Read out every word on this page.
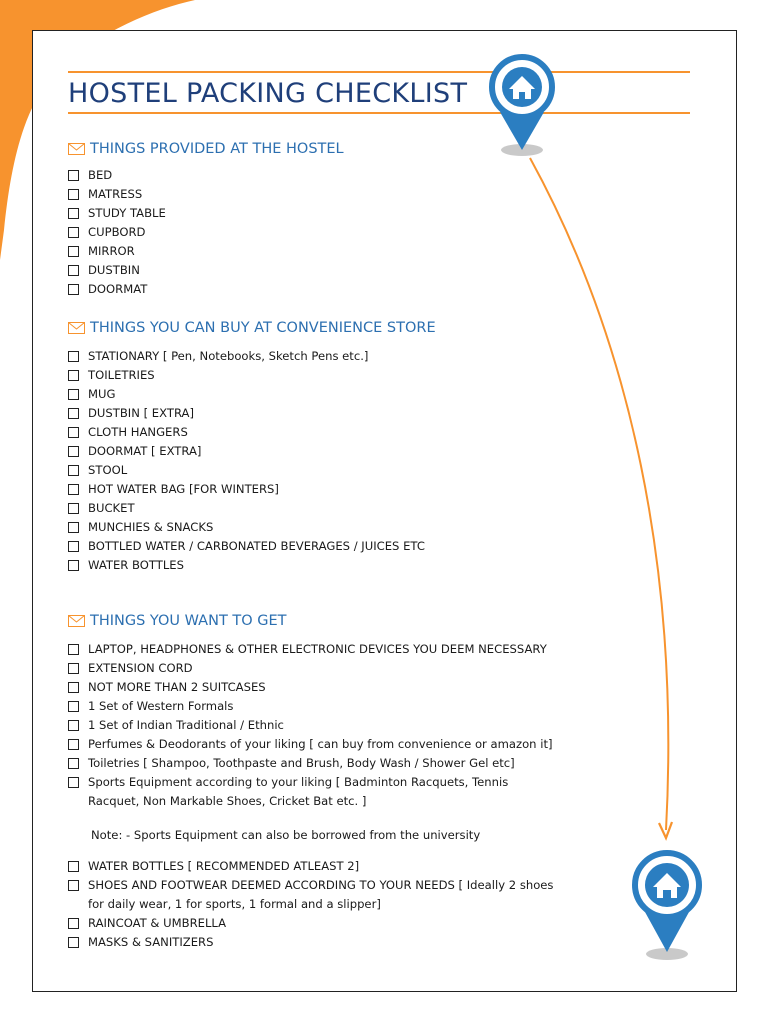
HOSTEL PACKING CHECKLIST
THINGS PROVIDED AT THE HOSTEL
BED
MATRESS
STUDY TABLE
CUPBORD
MIRROR
DUSTBIN
DOORMAT
THINGS YOU CAN BUY AT CONVENIENCE STORE
STATIONARY [ Pen, Notebooks, Sketch Pens etc.]
TOILETRIES
MUG
DUSTBIN [ EXTRA]
CLOTH HANGERS
DOORMAT [ EXTRA]
STOOL
HOT WATER BAG [FOR WINTERS]
BUCKET
MUNCHIES & SNACKS
BOTTLED WATER / CARBONATED BEVERAGES / JUICES ETC
WATER BOTTLES
THINGS YOU WANT TO GET
LAPTOP, HEADPHONES & OTHER ELECTRONIC DEVICES YOU DEEM NECESSARY
EXTENSION CORD
NOT MORE THAN 2 SUITCASES
1 Set of Western Formals
1 Set of Indian Traditional / Ethnic
Perfumes & Deodorants of your liking [ can buy from convenience or amazon it]
Toiletries [ Shampoo, Toothpaste and Brush, Body Wash / Shower Gel etc]
Sports Equipment according to your liking [ Badminton Racquets, Tennis
Racquet, Non Markable Shoes, Cricket Bat etc. ]
Note: - Sports Equipment can also be borrowed from the university
WATER BOTTLES [ RECOMMENDED ATLEAST 2]
SHOES AND FOOTWEAR DEEMED ACCORDING TO YOUR NEEDS [ Ideally 2 shoes
for daily wear, 1 for sports, 1 formal and a slipper]
RAINCOAT & UMBRELLA
MASKS & SANITIZERS
